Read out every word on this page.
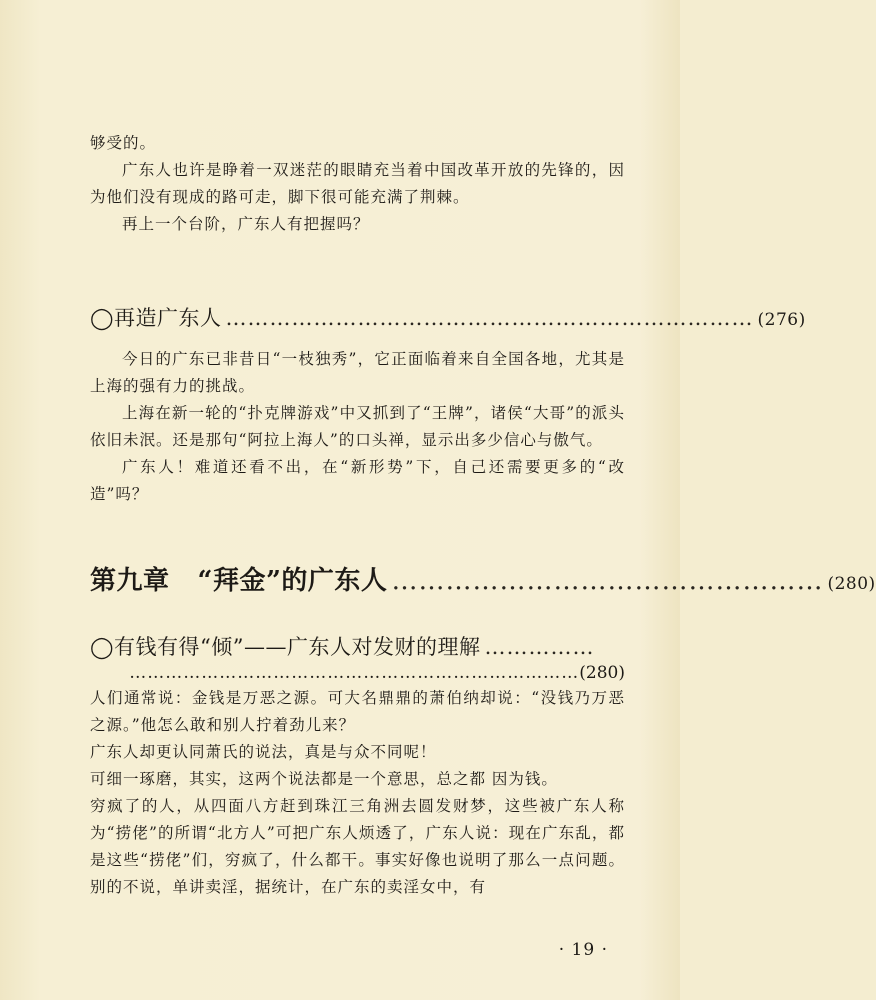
够受的。

广东人也许是睁着一双迷茫的眼睛充当着中国改革开放的先锋的，因为他们没有现成的路可走，脚下很可能充满了荆棘。

再上一个台阶，广东人有把握吗？

◯再造广东人 ……………………………………………………………… (276)

今日的广东已非昔日“一枝独秀”，它正面临着来自全国各地，尤其是上海的强有力的挑战。

上海在新一轮的“扑克牌游戏”中又抓到了“王牌”，诸侯“大哥”的派头依旧未泯。还是那句“阿拉上海人”的口头禅，显示出多少信心与傲气。

广东人！难道还看不出，在“新形势”下，自己还需要更多的“改造”吗？

第九章 “拜金”的广东人 ………………………………………… (280)
◯有钱有得“倾”——广东人对发财的理解 ……………
…………………………………………………………………(280)

人们通常说：金钱是万恶之源。可大名鼎鼎的萧伯纳却说：“没钱乃万恶之源。”他怎么敢和别人拧着劲儿来？

广东人却更认同萧氏的说法，真是与众不同呢！

可细一琢磨，其实，这两个说法都是一个意思，总之都 因为钱。

穷疯了的人，从四面八方赶到珠江三角洲去圆发财梦，这些被广东人称为“捞佬”的所谓“北方人”可把广东人烦透了，广东人说：现在广东乱，都是这些“捞佬”们，穷疯了，什么都干。事实好像也说明了那么一点问题。别的不说，单讲卖淫，据统计，在广东的卖淫女中，有

· 19 ·
